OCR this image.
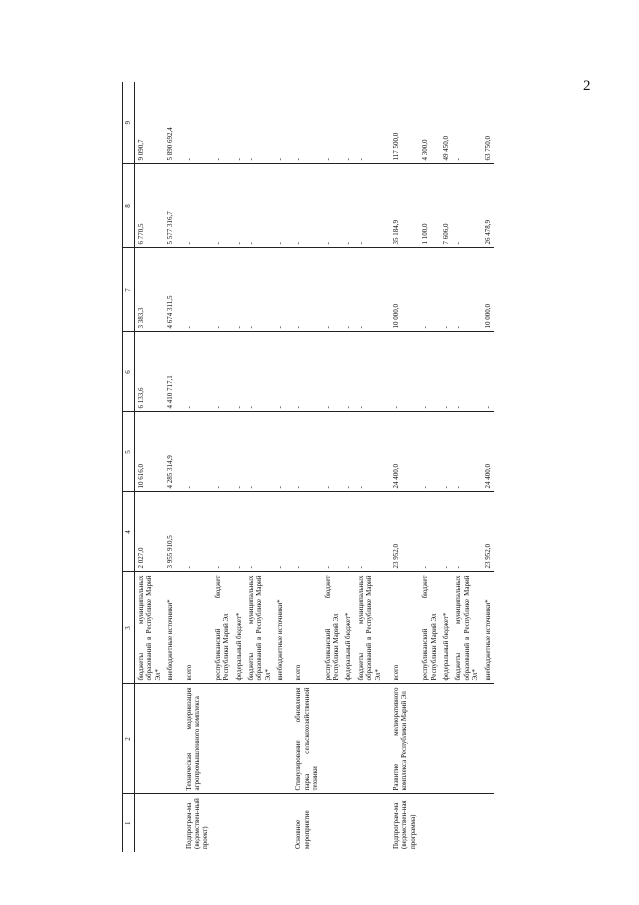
2
1	2	3	4	5	6	7	8	9
		бюджеты муниципальных образований в Республике Марий Эл*	2 027,0	10 616,0	6 133,6	3 383,3	6 770,5	9 090,7
		внебюджетные источники*	3 955 910,5	4 285 314,9	4 410 717,1	4 674 311,5	5 577 316,7	5 890 692,4
Подпрограм-ма (ведомствен-ный проект)	Техническая модернизация агропромышленного комплекса	всего	-	-	-	-	-	-
		республиканский бюджет Республики Марий Эл	-	-	-	-	-	-
		федеральный бюджет*	-	-	-	-	-	-
		бюджеты муниципальных образований в Республике Марий Эл*	-	-	-	-	-	-
		внебюджетные источники*	-	-	-	-	-	-
Основное мероприятие	Стимулирование обновления парка сельскохозяйственной техники	всего	-	-	-	-	-	-
		республиканский бюджет Республики Марий Эл	-	-	-	-	-	-
		федеральный бюджет*	-	-	-	-	-	-
		бюджеты муниципальных образований в Республике Марий Эл*	-	-	-	-	-	-
Подпрограм-ма (ведомствен-ная программа)	Развитие мелиоративного комплекса Республики Марий Эл	всего	23 952,0	24 400,0	-	10 000,0	35 184,9	117 500,0
		республиканский бюджет Республики Марий Эл	-	-	-	-	1 100,0	4 300,0
		федеральный бюджет*	-	-	-	-	7 606,0	49 450,0
		бюджеты муниципальных образований в Республике Марий Эл*	-	-	-	-	-	-
		внебюджетные источники*	23 952,0	24 400,0	-	10 000,0	26 478,9	63 750,0
